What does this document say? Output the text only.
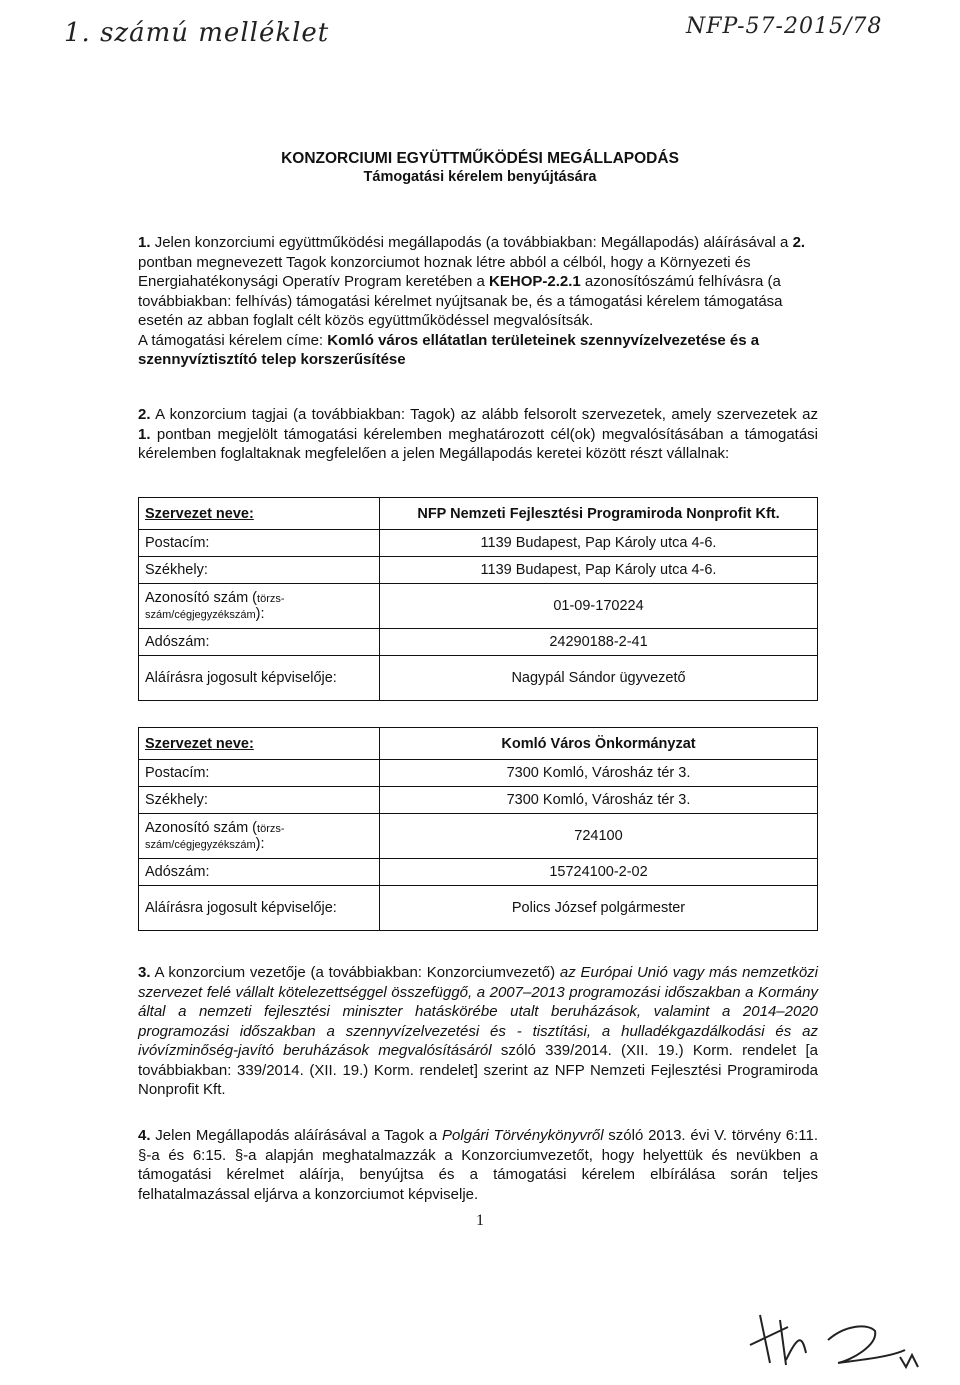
1. számú melléklet	NFP-57-2015/78
KONZORCIUMI EGYÜTTMŰKÖDÉSI MEGÁLLAPODÁS
Támogatási kérelem benyújtására
1. Jelen konzorciumi együttműködési megállapodás (a továbbiakban: Megállapodás) aláírásával a 2. pontban megnevezett Tagok konzorciumot hoznak létre abból a célból, hogy a Környezeti és Energiahatékonysági Operatív Program keretében a KEHOP-2.2.1 azonosítószámú felhívásra (a továbbiakban: felhívás) támogatási kérelmet nyújtsanak be, és a támogatási kérelem támogatása esetén az abban foglalt célt közös együttműködéssel megvalósítsák.
A támogatási kérelem címe: Komló város ellátatlan területeinek szennyvízelvezetése és a szennyvíztisztító telep korszerűsítése
2. A konzorcium tagjai (a továbbiakban: Tagok) az alább felsorolt szervezetek, amely szervezetek az 1. pontban megjelölt támogatási kérelemben meghatározott cél(ok) megvalósításában a támogatási kérelemben foglaltaknak megfelelően a jelen Megállapodás keretei között részt vállalnak:
Szervezet neve:	NFP Nemzeti Fejlesztési Programiroda Nonprofit Kft.
Postacím:	1139 Budapest, Pap Károly utca 4-6.
Székhely:	1139 Budapest, Pap Károly utca 4-6.
Azonosító szám (törzs-
szám/cégjegyzékszám):	01-09-170224
Adószám:	24290188-2-41
Aláírásra jogosult képviselője:	Nagypál Sándor ügyvezető
Szervezet neve:	Komló Város Önkormányzat
Postacím:	7300 Komló, Városház tér 3.
Székhely:	7300 Komló, Városház tér 3.
Azonosító szám (törzs-
szám/cégjegyzékszám):	724100
Adószám:	15724100-2-02
Aláírásra jogosult képviselője:	Polics József polgármester
3. A konzorcium vezetője (a továbbiakban: Konzorciumvezető) az Európai Unió vagy más nemzetközi szervezet felé vállalt kötelezettséggel összefüggő, a 2007–2013 programozási időszakban a Kormány által a nemzeti fejlesztési miniszter hatáskörébe utalt beruházások, valamint a 2014–2020 programozási időszakban a szennyvízelvezetési és - tisztítási, a hulladékgazdálkodási és az ivóvízminőség-javító beruházások megvalósításáról szóló 339/2014. (XII. 19.) Korm. rendelet [a továbbiakban: 339/2014. (XII. 19.) Korm. rendelet] szerint az NFP Nemzeti Fejlesztési Programiroda Nonprofit Kft.
4. Jelen Megállapodás aláírásával a Tagok a Polgári Törvénykönyvről szóló 2013. évi V. törvény 6:11. §-a és 6:15. §-a alapján meghatalmazzák a Konzorciumvezetőt, hogy helyettük és nevükben a támogatási kérelmet aláírja, benyújtsa és a támogatási kérelem elbírálása során teljes felhatalmazással eljárva a konzorciumot képviselje.
1
